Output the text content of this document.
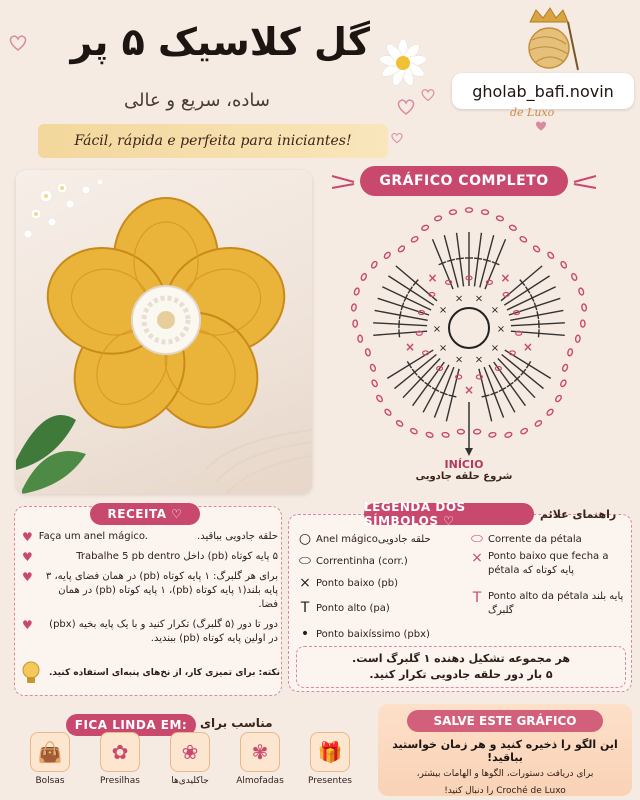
گل کلاسیک ۵ پر
ساده، سریع و عالی
Fácil, rápida e perfeita para iniciantes!
gholab_bafi.novin
de Luxo
GRÁFICO COMPLETO
×
×
×
×
×
×
×
× ×
×
×
×
×
×
×
INÍCIO
شروع حلقه جادویی
RECEITA ♡
♥ Faça um anel mágico.	حلقه جادویی بباقید.
♥	۵ پایه کوتاه (pb) داخل Trabalhe 5 pb dentro
♥	برای هر گلبرگ: ۱ پایه کوتاه (pb) در همان فضای پایه، ۳ پایه بلند(۱ پایه کوتاه (pb)، ۱ پایه کوتاه (pb) در همان فضا.
♥	دور تا دور (۵ گلبرگ) تکرار کنید و با یک پایه بخیه (pbx) در اولین پایه کوتاه (pb) ببندید.
نکته: برای تمیزی کار، از نخ‌های پنبه‌ای استفاده کنید.
LEGENDA DOS SÍMBOLOS ♡	راهنمای علائم
○ Anel mágicoحلقه جادویی
⬭ Correntinha (corr.)
× Ponto baixo (pb)
T Ponto alto (pa)
• Ponto baixíssimo (pbx)
⬭ Corrente da pétala
× Ponto baixo que fecha a pétala پایه کوتاه که
T Ponto alto da pétala پایه بلند گلبرگ
هر مجموعه تشکیل دهنده ۱ گلبرگ است.
۵ بار دور حلقه جادویی تکرار کنید.
FICA LINDA EM:	مناسب برای
👜
Bolsas
✿
Presilhas
❀
جاکلیدی‌ها
✾
Almofadas
🎁
Presentes
SALVE ESTE GRÁFICO
این الگو را ذخیره کنید و هر زمان خواستید بباقید!
برای دریافت دستورات، الگوها و الهامات بیشتر،
Croché de Luxo را دنبال کنید!
